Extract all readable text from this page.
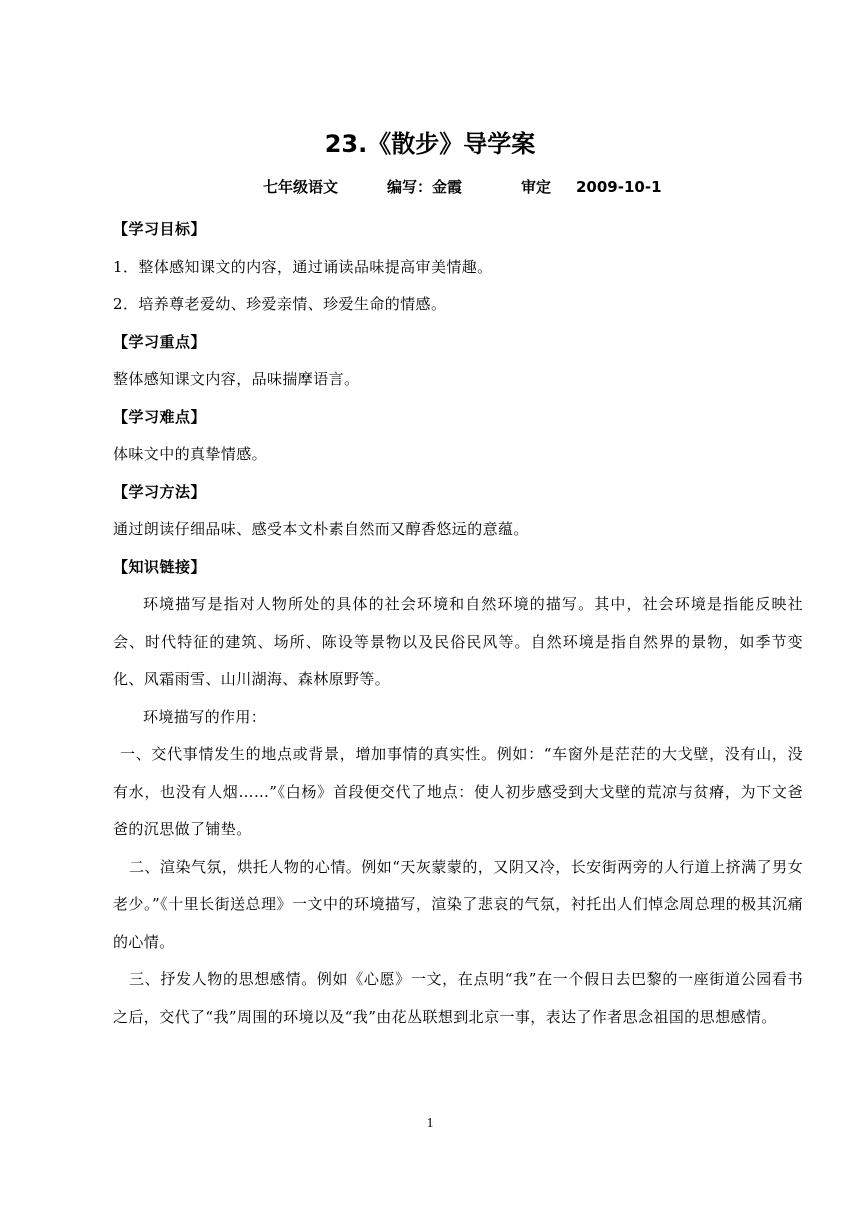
23.《散步》导学案
七年级语文	编写：金霞	审定	2009-10-1

【学习目标】

1．整体感知课文的内容，通过诵读品味提高审美情趣。

2．培养尊老爱幼、珍爱亲情、珍爱生命的情感。

【学习重点】

整体感知课文内容，品味揣摩语言。

【学习难点】

体味文中的真挚情感。

【学习方法】

通过朗读仔细品味、感受本文朴素自然而又醇香悠远的意蕴。

【知识链接】

环境描写是指对人物所处的具体的社会环境和自然环境的描写。其中，社会环境是指能反映社会、时代特征的建筑、场所、陈设等景物以及民俗民风等。自然环境是指自然界的景物，如季节变化、风霜雨雪、山川湖海、森林原野等。

环境描写的作用：

一、交代事情发生的地点或背景，增加事情的真实性。例如：“车窗外是茫茫的大戈壁，没有山，没有水，也没有人烟……”《白杨》首段便交代了地点：使人初步感受到大戈壁的荒凉与贫瘠，为下文爸爸的沉思做了铺垫。

二、渲染气氛，烘托人物的心情。例如“天灰蒙蒙的，又阴又冷，长安街两旁的人行道上挤满了男女老少。”《十里长街送总理》一文中的环境描写，渲染了悲哀的气氛，衬托出人们悼念周总理的极其沉痛的心情。

三、抒发人物的思想感情。例如《心愿》一文，在点明“我”在一个假日去巴黎的一座街道公园看书之后，交代了“我”周围的环境以及“我”由花丛联想到北京一事，表达了作者思念祖国的思想感情。

1
